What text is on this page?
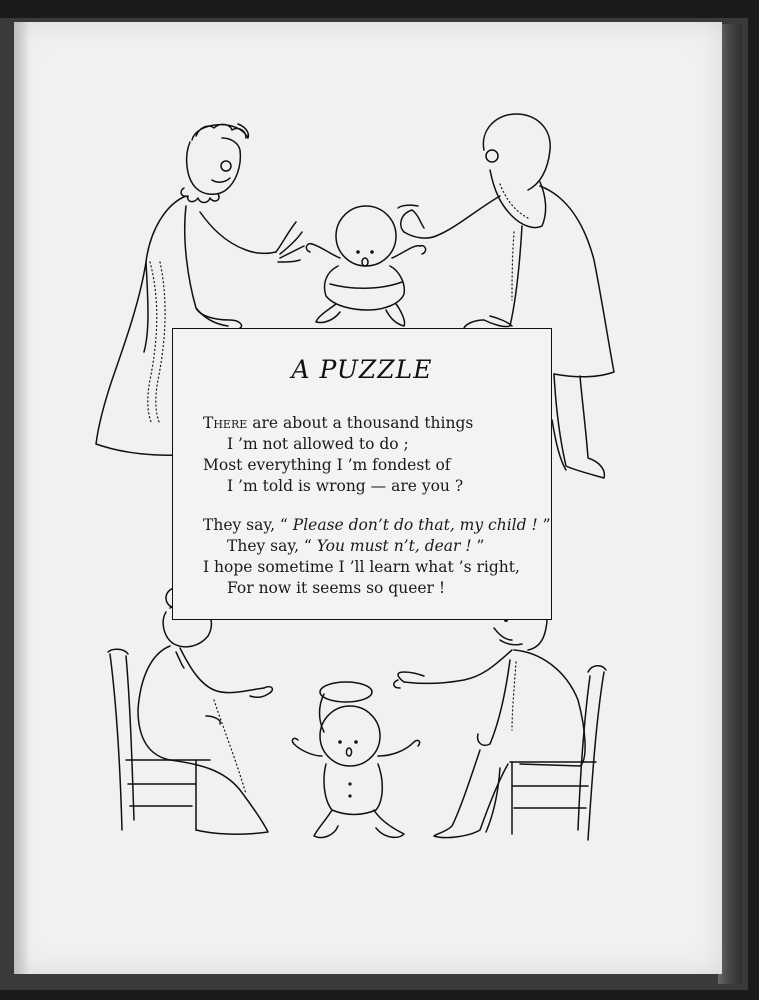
A PUZZLE
There are about a thousand things
I ’m not allowed to do ;
Most everything I ’m fondest of
I ’m told is wrong — are you ?
They say, “ Please don’t do that, my child ! ”
They say, “ You must n’t, dear ! ”
I hope sometime I ’ll learn what ’s right,
For now it seems so queer !
